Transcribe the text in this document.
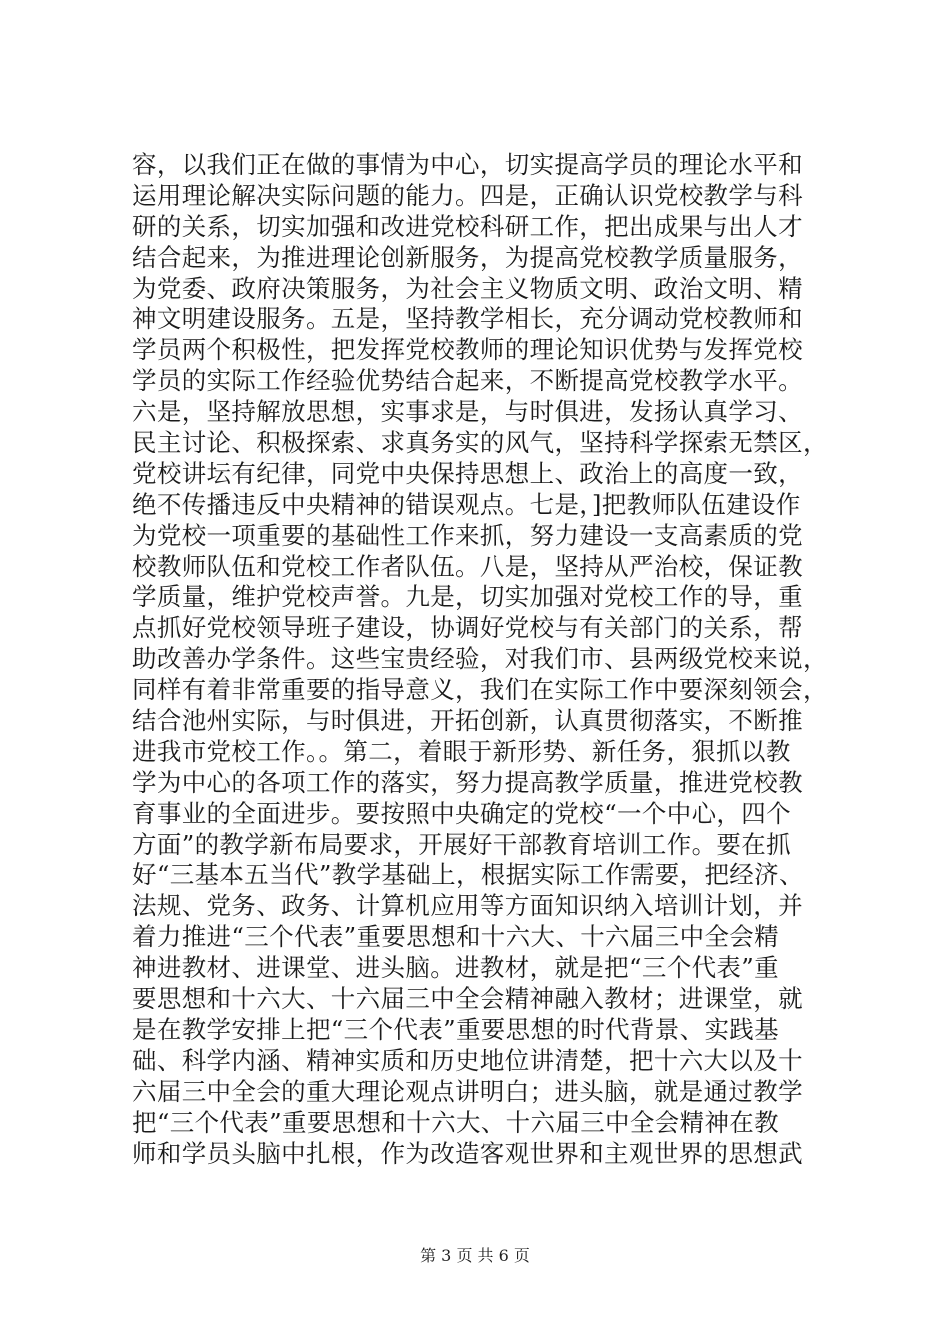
容，以我们正在做的事情为中心，切实提高学员的理论水平和
运用理论解决实际问题的能力。四是，正确认识党校教学与科
研的关系，切实加强和改进党校科研工作，把出成果与出人才
结合起来，为推进理论创新服务，为提高党校教学质量服务，
为党委、政府决策服务，为社会主义物质文明、政治文明、精
神文明建设服务。五是，坚持教学相长，充分调动党校教师和
学员两个积极性，把发挥党校教师的理论知识优势与发挥党校
学员的实际工作经验优势结合起来，不断提高党校教学水平。
六是，坚持解放思想，实事求是，与时俱进，发扬认真学习、
民主讨论、积极探索、求真务实的风气，坚持科学探索无禁区，
党校讲坛有纪律，同党中央保持思想上、政治上的高度一致，
绝不传播违反中央精神的错误观点。七是，]把教师队伍建设作
为党校一项重要的基础性工作来抓，努力建设一支高素质的党
校教师队伍和党校工作者队伍。八是，坚持从严治校，保证教
学质量，维护党校声誉。九是，切实加强对党校工作的导，重
点抓好党校领导班子建设，协调好党校与有关部门的关系，帮
助改善办学条件。这些宝贵经验，对我们市、县两级党校来说，
同样有着非常重要的指导意义，我们在实际工作中要深刻领会，
结合池州实际，与时俱进，开拓创新，认真贯彻落实，不断推
进我市党校工作。。第二，着眼于新形势、新任务，狠抓以教
学为中心的各项工作的落实，努力提高教学质量，推进党校教
育事业的全面进步。要按照中央确定的党校“一个中心，四个
方面”的教学新布局要求，开展好干部教育培训工作。要在抓
好“三基本五当代”教学基础上，根据实际工作需要，把经济、
法规、党务、政务、计算机应用等方面知识纳入培训计划，并
着力推进“三个代表”重要思想和十六大、十六届三中全会精
神进教材、进课堂、进头脑。进教材，就是把“三个代表”重
要思想和十六大、十六届三中全会精神融入教材；进课堂，就
是在教学安排上把“三个代表”重要思想的时代背景、实践基
础、科学内涵、精神实质和历史地位讲清楚，把十六大以及十
六届三中全会的重大理论观点讲明白；进头脑，就是通过教学
把“三个代表”重要思想和十六大、十六届三中全会精神在教
师和学员头脑中扎根，作为改造客观世界和主观世界的思想武
第 3 页 共 6 页
